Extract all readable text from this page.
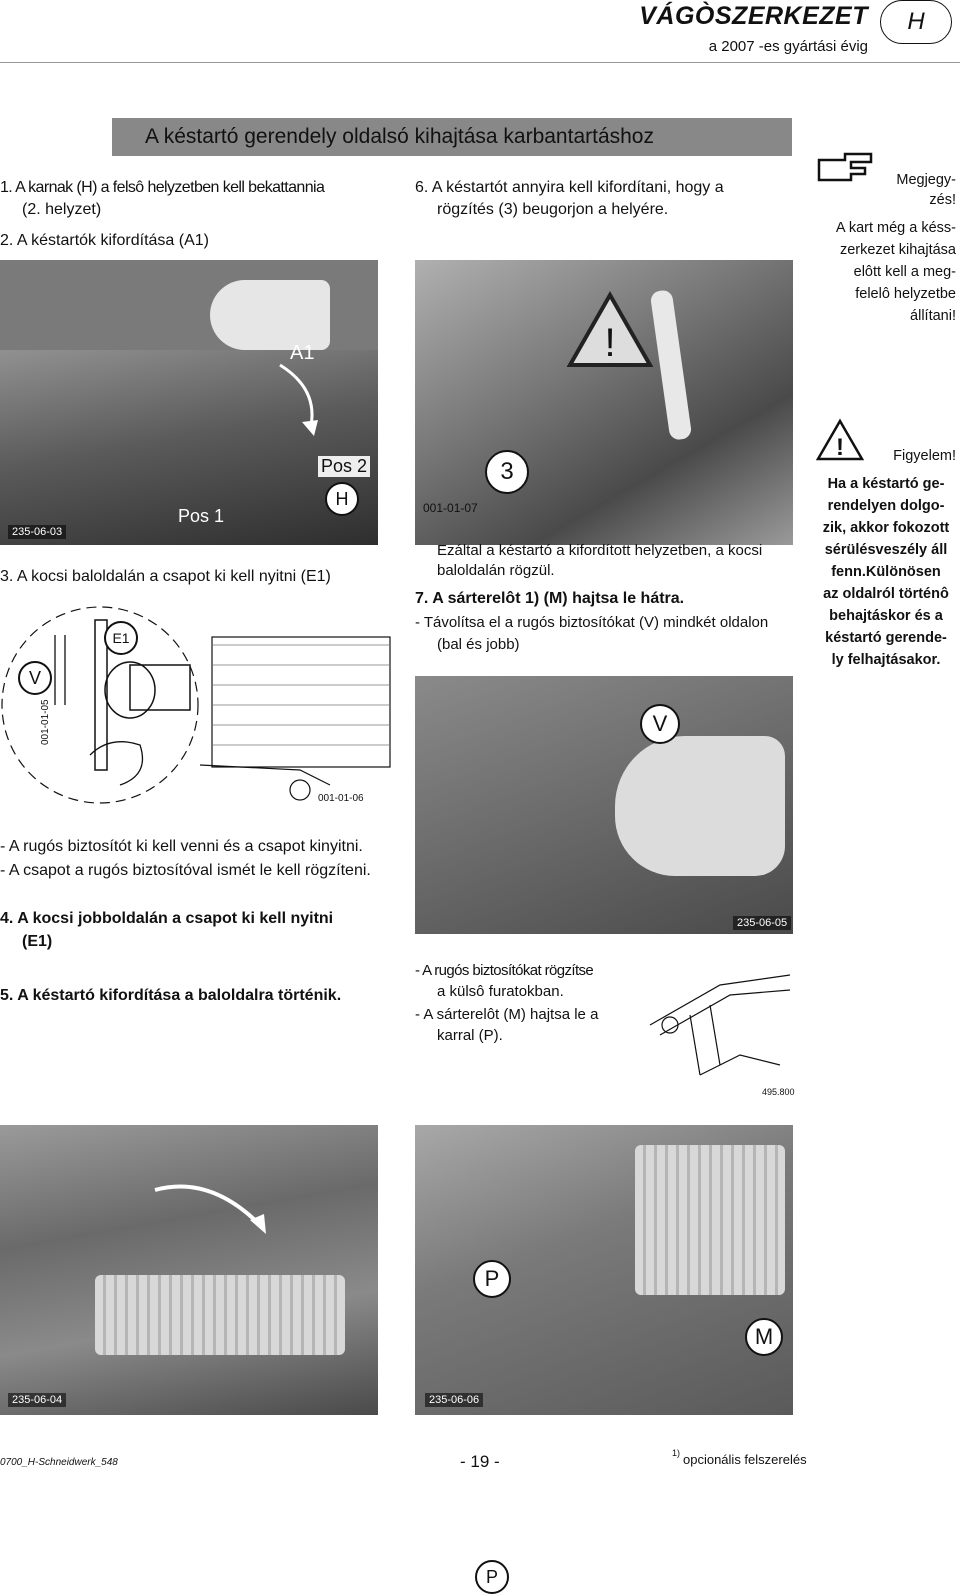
VÁGÒSZERKEZET
a 2007 -es gyártási évig
H
A késtartó gerendely oldalsó kihajtása karbantartáshoz
1. A karnak (H) a felsô helyzetben kell bekattannia
(2. helyzet)
2. A késtartók kifordítása (A1)
A1
Pos 2
H
Pos 1
235-06-03
3. A kocsi baloldalán a csapot ki kell nyitni (E1)
V
E1
001-01-05
001-01-06
- A rugós biztosítót ki kell venni és a csapot kinyitni.
- A csapot a rugós biztosítóval ismét le kell rögzíteni.
4. A kocsi jobboldalán a csapot ki kell nyitni
(E1)
5. A késtartó kifordítása a baloldalra történik.
6. A késtartót annyira kell kifordítani, hogy a
rögzítés (3) beugorjon a helyére.
!
3
001-01-07
Ezáltal a késtartó a kifordított helyzetben, a kocsi
baloldalán rögzül.
7. A sárterelôt 1) (M) hajtsa le hátra.
- Távolítsa el a rugós biztosítókat (V) mindkét oldalon
(bal és jobb)
V
235-06-05
- A rugós biztosítókat rögzítse
a külsô furatokban.
- A sárterelôt (M) hajtsa le a
karral (P).
495.800
Megjegy-
zés!
A kart még a késs-
zerkezet kihajtása
elôtt kell a meg-
felelô helyzetbe
állítani!
!	Figyelem!
Ha a késtartó ge-
rendelyen dolgo-
zik, akkor fokozott
sérülésveszély áll
fenn.Különösen
az oldalról történô
behajtáskor és a
késtartó gerende-
ly felhajtásakor.
235-06-04
P
235-06-06
P
M
0700_H-Schneidwerk_548	- 19 -	1) opcionális felszerelés
